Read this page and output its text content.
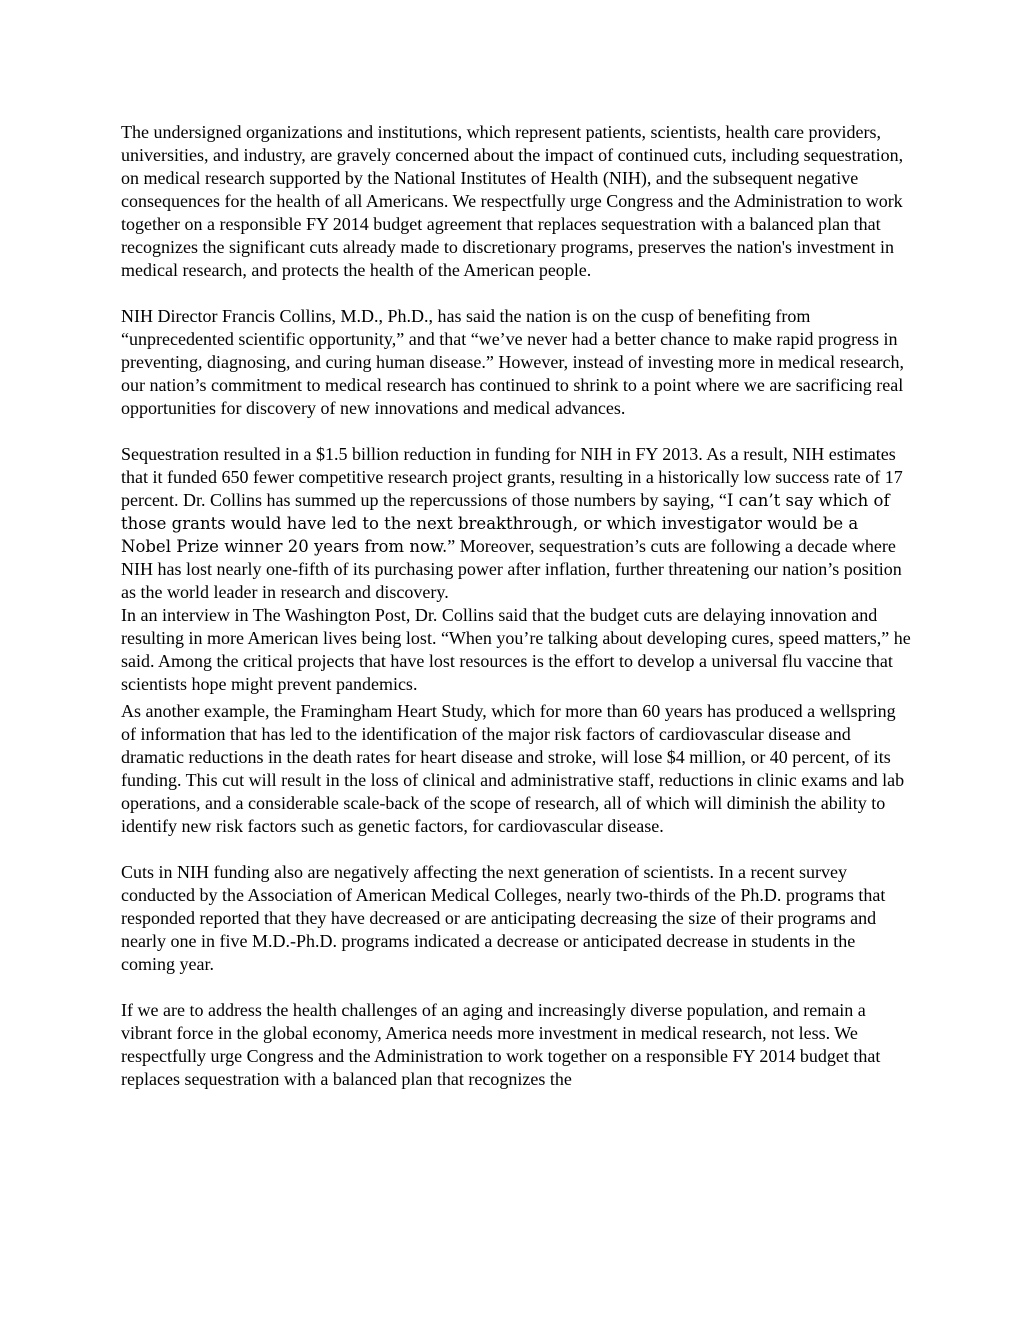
The undersigned organizations and institutions, which represent patients, scientists, health care providers, universities, and industry, are gravely concerned about the impact of continued cuts, including sequestration, on medical research supported by the National Institutes of Health (NIH), and the subsequent negative consequences for the health of all Americans. We respectfully urge Congress and the Administration to work together on a responsible FY 2014 budget agreement that replaces sequestration with a balanced plan that recognizes the significant cuts already made to discretionary programs, preserves the nation's investment in medical research, and protects the health of the American people.

NIH Director Francis Collins, M.D., Ph.D., has said the nation is on the cusp of benefiting from “unprecedented scientific opportunity,” and that “we’ve never had a better chance to make rapid progress in preventing, diagnosing, and curing human disease.” However, instead of investing more in medical research, our nation’s commitment to medical research has continued to shrink to a point where we are sacrificing real opportunities for discovery of new innovations and medical advances.

Sequestration resulted in a $1.5 billion reduction in funding for NIH in FY 2013. As a result, NIH estimates that it funded 650 fewer competitive research project grants, resulting in a historically low success rate of 17 percent. Dr. Collins has summed up the repercussions of those numbers by saying, “I can’t say which of those grants would have led to the next breakthrough, or which investigator would be a Nobel Prize winner 20 years from now.” Moreover, sequestration’s cuts are following a decade where NIH has lost nearly one-fifth of its purchasing power after inflation, further threatening our nation’s position as the world leader in research and discovery.

In an interview in The Washington Post, Dr. Collins said that the budget cuts are delaying innovation and resulting in more American lives being lost. “When you’re talking about developing cures, speed matters,” he said. Among the critical projects that have lost resources is the effort to develop a universal flu vaccine that scientists hope might prevent pandemics.

As another example, the Framingham Heart Study, which for more than 60 years has produced a wellspring of information that has led to the identification of the major risk factors of cardiovascular disease and dramatic reductions in the death rates for heart disease and stroke, will lose $4 million, or 40 percent, of its funding. This cut will result in the loss of clinical and administrative staff, reductions in clinic exams and lab operations, and a considerable scale-back of the scope of research, all of which will diminish the ability to identify new risk factors such as genetic factors, for cardiovascular disease.

Cuts in NIH funding also are negatively affecting the next generation of scientists. In a recent survey conducted by the Association of American Medical Colleges, nearly two-thirds of the Ph.D. programs that responded reported that they have decreased or are anticipating decreasing the size of their programs and nearly one in five M.D.-Ph.D. programs indicated a decrease or anticipated decrease in students in the coming year.

If we are to address the health challenges of an aging and increasingly diverse population, and remain a vibrant force in the global economy, America needs more investment in medical research, not less. We respectfully urge Congress and the Administration to work together on a responsible FY 2014 budget that replaces sequestration with a balanced plan that recognizes the
